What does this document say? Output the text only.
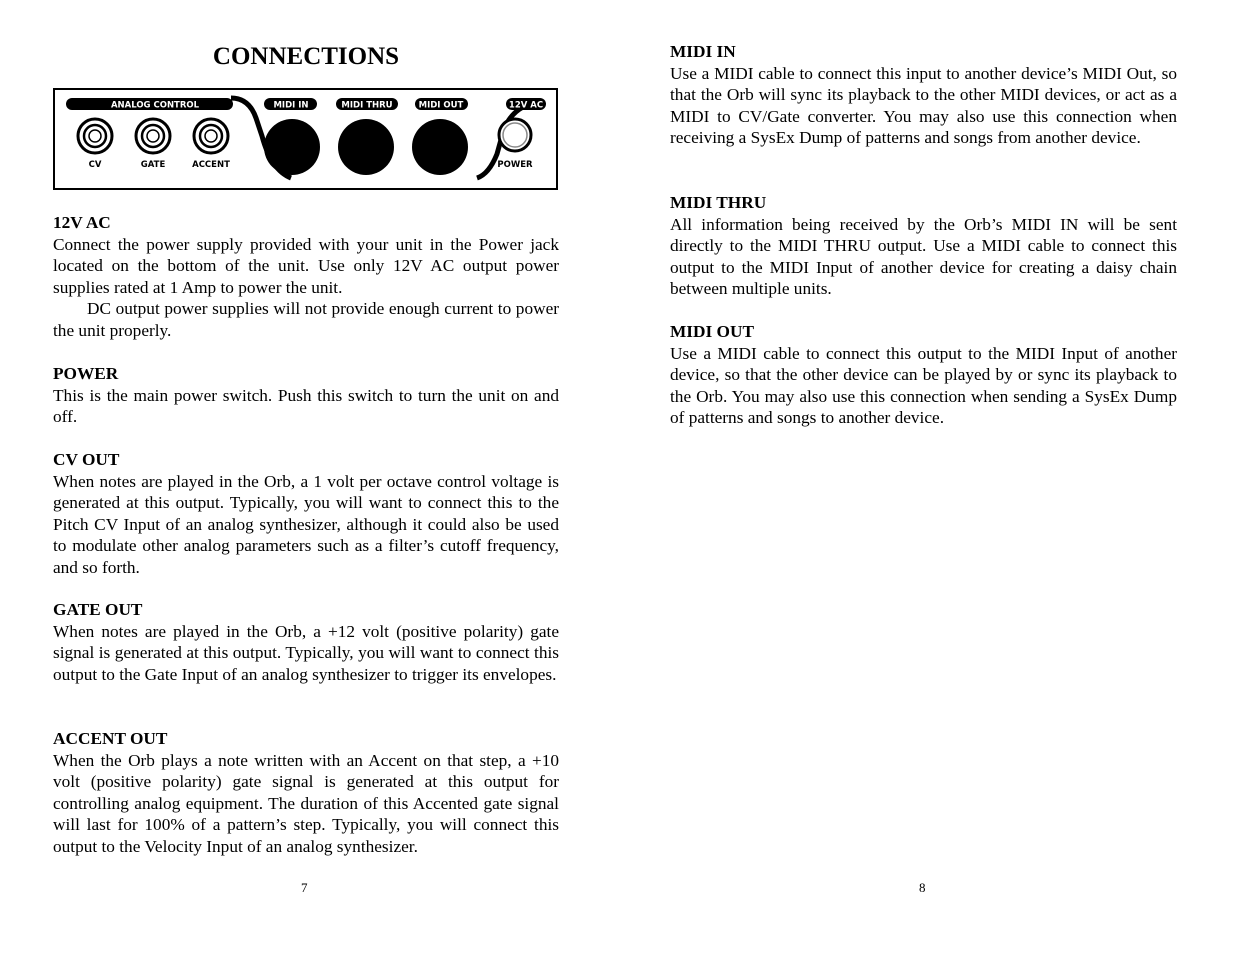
CONNECTIONS
12V AC

Connect the power supply provided with your unit in the Power jack located on the bottom of the unit. Use only 12V AC output power supplies rated at 1 Amp to power the unit.

DC output power supplies will not provide enough current to power the unit properly.

POWER

This is the main power switch. Push this switch to turn the unit on and off.

CV OUT

When notes are played in the Orb, a 1 volt per octave control voltage is generated at this output. Typically, you will want to connect this to the Pitch CV Input of an analog synthesizer, although it could also be used to modulate other analog parameters such as a filter’s cutoff frequency, and so forth.

GATE OUT

When notes are played in the Orb, a +12 volt (positive polarity) gate signal is generated at this output. Typically, you will want to connect this output to the Gate Input of an analog synthesizer to trigger its envelopes.

ACCENT OUT

When the Orb plays a note written with an Accent on that step, a +10 volt (positive polarity) gate signal is generated at this output for controlling analog equipment. The duration of this Accented gate signal will last for 100% of a pattern’s step. Typically, you will connect this output to the Velocity Input of an analog synthesizer.

7
ANALOG CONTROL	MIDI IN	MIDI THRU	MIDI OUT	12V AC
CV	GATE	ACCENT	POWER
MIDI IN

Use a MIDI cable to connect this input to another device’s MIDI Out, so that the Orb will sync its playback to the other MIDI devices, or act as a MIDI to CV/Gate converter. You may also use this connection when receiving a SysEx Dump of patterns and songs from another device.

MIDI THRU

All information being received by the Orb’s MIDI IN will be sent directly to the MIDI THRU output. Use a MIDI cable to connect this output to the MIDI Input of another device for creating a daisy chain between multiple units.

MIDI OUT

Use a MIDI cable to connect this output to the MIDI Input of another device, so that the other device can be played by or sync its playback to the Orb. You may also use this connection when sending a SysEx Dump of patterns and songs to another device.

8
